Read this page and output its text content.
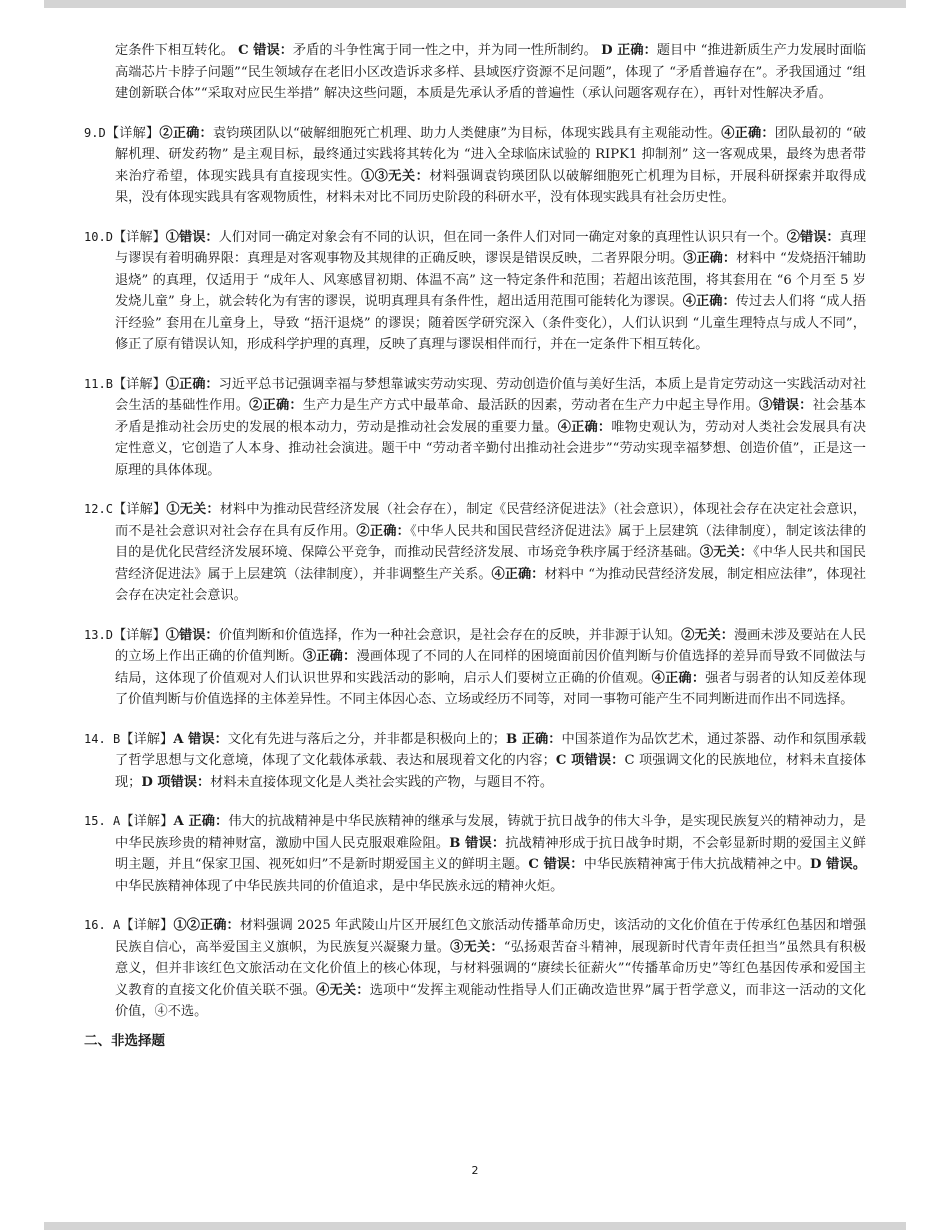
定条件下相互转化。 C 错误：矛盾的斗争性寓于同一性之中，并为同一性所制约。 D 正确：题目中 “推进新质生产力发展时面临高端芯片卡脖子问题”“民生领域存在老旧小区改造诉求多样、县域医疗资源不足问题”，体现了 “矛盾普遍存在”。矛我国通过 “组建创新联合体”“采取对应民生举措” 解决这些问题，本质是先承认矛盾的普遍性（承认问题客观存在），再针对性解决矛盾。
9.D【详解】②正确：袁钧瑛团队以“破解细胞死亡机理、助力人类健康”为目标，体现实践具有主观能动性。④正确：团队最初的 “破解机理、研发药物” 是主观目标，最终通过实践将其转化为 “进入全球临床试验的 RIPK1 抑制剂” 这一客观成果，最终为患者带来治疗希望，体现实践具有直接现实性。①③无关：材料强调袁钧瑛团队以破解细胞死亡机理为目标，开展科研探索并取得成果，没有体现实践具有客观物质性，材料未对比不同历史阶段的科研水平，没有体现实践具有社会历史性。
10.D【详解】①错误：人们对同一确定对象会有不同的认识，但在同一条件人们对同一确定对象的真理性认识只有一个。②错误：真理与谬误有着明确界限：真理是对客观事物及其规律的正确反映，谬误是错误反映，二者界限分明。③正确：材料中 “发烧捂汗辅助退烧” 的真理，仅适用于 “成年人、风寒感冒初期、体温不高” 这一特定条件和范围；若超出该范围，将其套用在 “6 个月至 5 岁发烧儿童” 身上，就会转化为有害的谬误，说明真理具有条件性，超出适用范围可能转化为谬误。④正确：传过去人们将 “成人捂汗经验” 套用在儿童身上，导致 “捂汗退烧” 的谬误；随着医学研究深入（条件变化），人们认识到 “儿童生理特点与成人不同”，修正了原有错误认知，形成科学护理的真理，反映了真理与谬误相伴而行，并在一定条件下相互转化。
11.B【详解】①正确：习近平总书记强调幸福与梦想靠诚实劳动实现、劳动创造价值与美好生活，本质上是肯定劳动这一实践活动对社会生活的基础性作用。②正确：生产力是生产方式中最革命、最活跃的因素，劳动者在生产力中起主导作用。③错误：社会基本矛盾是推动社会历史的发展的根本动力，劳动是推动社会发展的重要力量。④正确：唯物史观认为，劳动对人类社会发展具有决定性意义，它创造了人本身、推动社会演进。题干中 “劳动者辛勤付出推动社会进步”“劳动实现幸福梦想、创造价值”，正是这一原理的具体体现。
12.C【详解】①无关：材料中为推动民营经济发展（社会存在），制定《民营经济促进法》（社会意识），体现社会存在决定社会意识，而不是社会意识对社会存在具有反作用。②正确：《中华人民共和国民营经济促进法》属于上层建筑（法律制度），制定该法律的目的是优化民营经济发展环境、保障公平竞争，而推动民营经济发展、市场竞争秩序属于经济基础。③无关：《中华人民共和国民营经济促进法》属于上层建筑（法律制度），并非调整生产关系。④正确：材料中 “为推动民营经济发展，制定相应法律”，体现社会存在决定社会意识。
13.D【详解】①错误：价值判断和价值选择，作为一种社会意识，是社会存在的反映，并非源于认知。②无关：漫画未涉及要站在人民的立场上作出正确的价值判断。③正确：漫画体现了不同的人在同样的困境面前因价值判断与价值选择的差异而导致不同做法与结局，这体现了价值观对人们认识世界和实践活动的影响，启示人们要树立正确的价值观。④正确：强者与弱者的认知反差体现了价值判断与价值选择的主体差异性。不同主体因心态、立场或经历不同等，对同一事物可能产生不同判断进而作出不同选择。
14. B【详解】A 错误：文化有先进与落后之分，并非都是积极向上的；B 正确：中国茶道作为品饮艺术，通过茶器、动作和氛围承载了哲学思想与文化意境，体现了文化载体承载、表达和展现着文化的内容；C 项错误：C 项强调文化的民族地位，材料未直接体现；D 项错误：材料未直接体现文化是人类社会实践的产物，与题目不符。
15. A【详解】A 正确：伟大的抗战精神是中华民族精神的继承与发展，铸就于抗日战争的伟大斗争，是实现民族复兴的精神动力，是中华民族珍贵的精神财富，激励中国人民克服艰难险阻。B 错误：抗战精神形成于抗日战争时期，不会彰显新时期的爱国主义鲜明主题，并且“保家卫国、视死如归”不是新时期爱国主义的鲜明主题。C 错误：中华民族精神寓于伟大抗战精神之中。D 错误。中华民族精神体现了中华民族共同的价值追求，是中华民族永远的精神火炬。
16. A【详解】①②正确：材料强调 2025 年武陵山片区开展红色文旅活动传播革命历史，该活动的文化价值在于传承红色基因和增强民族自信心，高举爱国主义旗帜，为民族复兴凝聚力量。③无关：“弘扬艰苦奋斗精神，展现新时代青年责任担当”虽然具有积极意义，但并非该红色文旅活动在文化价值上的核心体现，与材料强调的“赓续长征薪火”“传播革命历史”等红色基因传承和爱国主义教育的直接文化价值关联不强。④无关：选项中“发挥主观能动性指导人们正确改造世界”属于哲学意义，而非这一活动的文化价值，④不选。
二、非选择题
2
